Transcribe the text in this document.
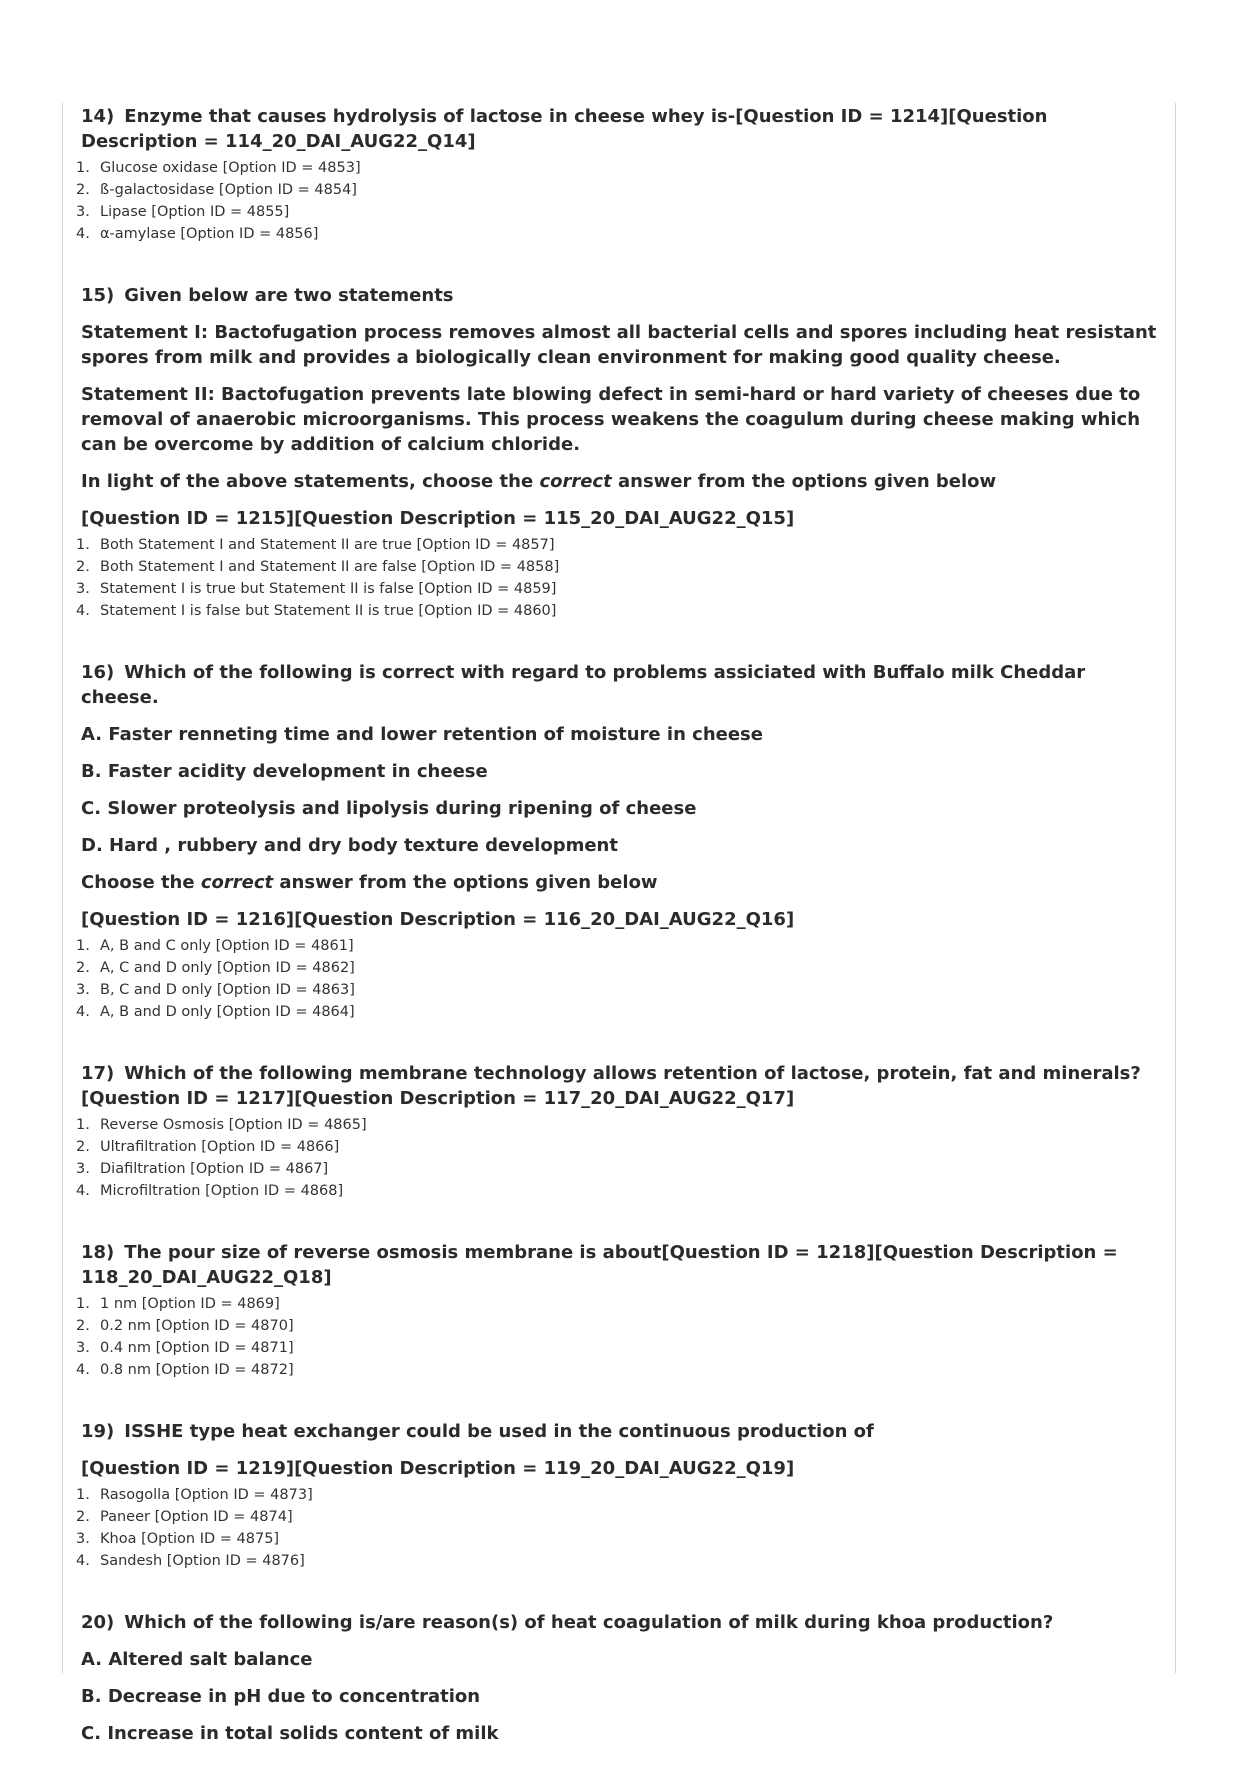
14) Enzyme that causes hydrolysis of lactose in cheese whey is-[Question ID = 1214][Question Description = 114_20_DAI_AUG22_Q14]

1. Glucose oxidase [Option ID = 4853]
2. ß-galactosidase [Option ID = 4854]
3. Lipase [Option ID = 4855]
4. α-amylase [Option ID = 4856]

15) Given below are two statements

Statement I: Bactofugation process removes almost all bacterial cells and spores including heat resistant spores from milk and provides a biologically clean environment for making good quality cheese.

Statement II: Bactofugation prevents late blowing defect in semi-hard or hard variety of cheeses due to removal of anaerobic microorganisms. This process weakens the coagulum during cheese making which can be overcome by addition of calcium chloride.

In light of the above statements, choose the correct answer from the options given below

[Question ID = 1215][Question Description = 115_20_DAI_AUG22_Q15]

1. Both Statement I and Statement II are true [Option ID = 4857]
2. Both Statement I and Statement II are false [Option ID = 4858]
3. Statement I is true but Statement II is false [Option ID = 4859]
4. Statement I is false but Statement II is true [Option ID = 4860]

16) Which of the following is correct with regard to problems assiciated with Buffalo milk Cheddar cheese.

A. Faster renneting time and lower retention of moisture in cheese

B. Faster acidity development in cheese

C. Slower proteolysis and lipolysis during ripening of cheese

D. Hard , rubbery and dry body texture development

Choose the correct answer from the options given below

[Question ID = 1216][Question Description = 116_20_DAI_AUG22_Q16]

1. A, B and C only [Option ID = 4861]
2. A, C and D only [Option ID = 4862]
3. B, C and D only [Option ID = 4863]
4. A, B and D only [Option ID = 4864]

17) Which of the following membrane technology allows retention of lactose, protein, fat and minerals?[Question ID = 1217][Question Description = 117_20_DAI_AUG22_Q17]

1. Reverse Osmosis [Option ID = 4865]
2. Ultrafiltration [Option ID = 4866]
3. Diafiltration [Option ID = 4867]
4. Microfiltration [Option ID = 4868]

18) The pour size of reverse osmosis membrane is about[Question ID = 1218][Question Description = 118_20_DAI_AUG22_Q18]

1. 1 nm [Option ID = 4869]
2. 0.2 nm [Option ID = 4870]
3. 0.4 nm [Option ID = 4871]
4. 0.8 nm [Option ID = 4872]

19) ISSHE type heat exchanger could be used in the continuous production of

[Question ID = 1219][Question Description = 119_20_DAI_AUG22_Q19]

1. Rasogolla [Option ID = 4873]
2. Paneer [Option ID = 4874]
3. Khoa [Option ID = 4875]
4. Sandesh [Option ID = 4876]

20) Which of the following is/are reason(s) of heat coagulation of milk during khoa production?

A. Altered salt balance

B. Decrease in pH due to concentration

C. Increase in total solids content of milk
